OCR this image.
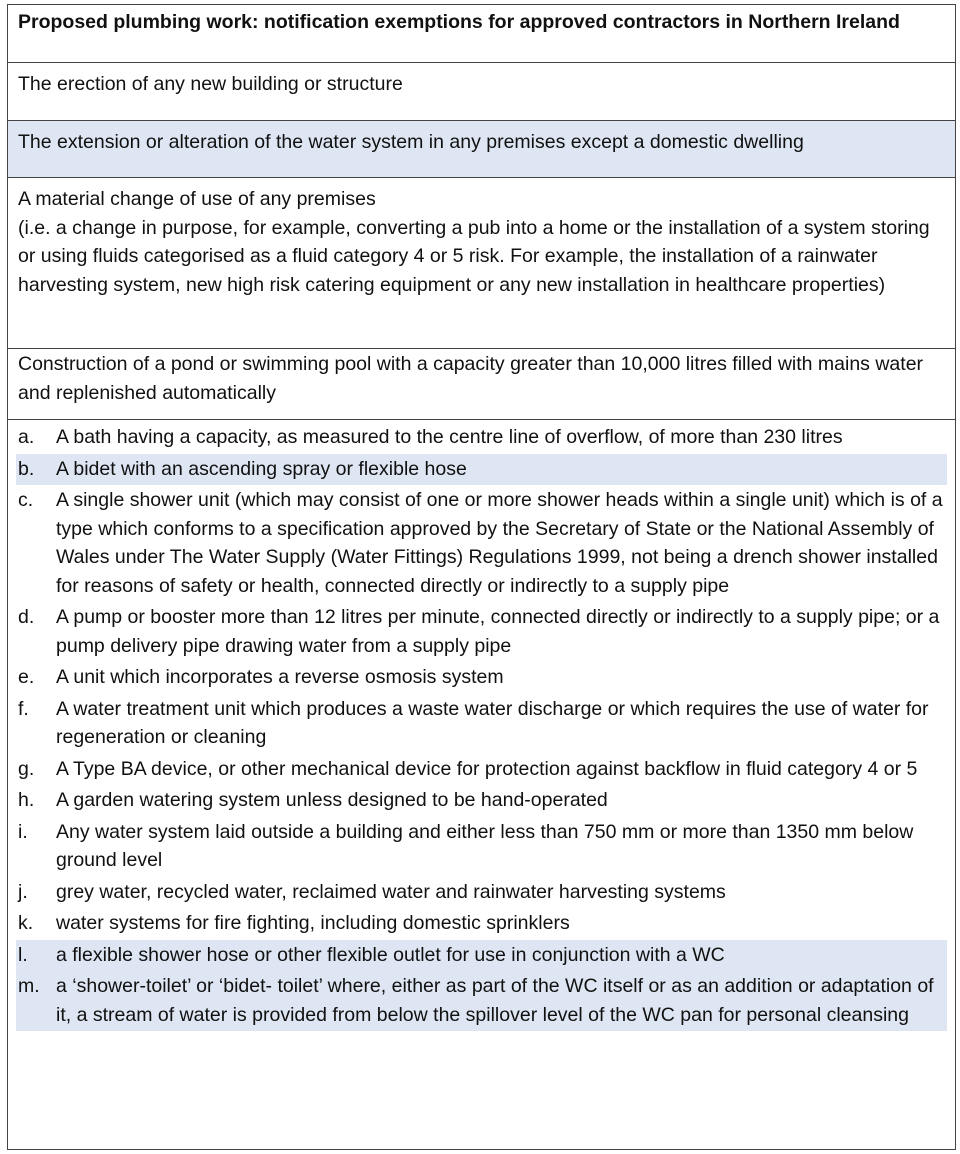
Proposed plumbing work: notification exemptions for approved contractors in Northern Ireland
The erection of any new building or structure
The extension or alteration of the water system in any premises except a domestic dwelling
A material change of use of any premises
(i.e. a change in purpose, for example, converting a pub into a home or the installation of a system storing or using fluids categorised as a fluid category 4 or 5 risk. For example, the installation of a rainwater harvesting system, new high risk catering equipment or any new installation in healthcare properties)
Construction of a pond or swimming pool with a capacity greater than 10,000 litres filled with mains water and replenished automatically
a.	A bath having a capacity, as measured to the centre line of overflow, of more than 230 litres
b.	A bidet with an ascending spray or flexible hose
c.	A single shower unit (which may consist of one or more shower heads within a single unit) which is of a type which conforms to a specification approved by the Secretary of State or the National Assembly of Wales under The Water Supply (Water Fittings) Regulations 1999, not being a drench shower installed for reasons of safety or health, connected directly or indirectly to a supply pipe
d.	A pump or booster more than 12 litres per minute, connected directly or indirectly to a supply pipe; or a pump delivery pipe drawing water from a supply pipe
e.	A unit which incorporates a reverse osmosis system
f.	A water treatment unit which produces a waste water discharge or which requires the use of water for regeneration or cleaning
g.	A Type BA device, or other mechanical device for protection against backflow in fluid category 4 or 5
h.	A garden watering system unless designed to be hand-operated
i.	Any water system laid outside a building and either less than 750 mm or more than 1350 mm below ground level
j.	grey water, recycled water, reclaimed water and rainwater harvesting systems
k.	water systems for fire fighting, including domestic sprinklers
l.	a flexible shower hose or other flexible outlet for use in conjunction with a WC
m. a ‘shower-toilet’ or ‘bidet- toilet’ where, either as part of the WC itself or as an addition or adaptation of it, a stream of water is provided from below the spillover level of the WC pan for personal cleansing
